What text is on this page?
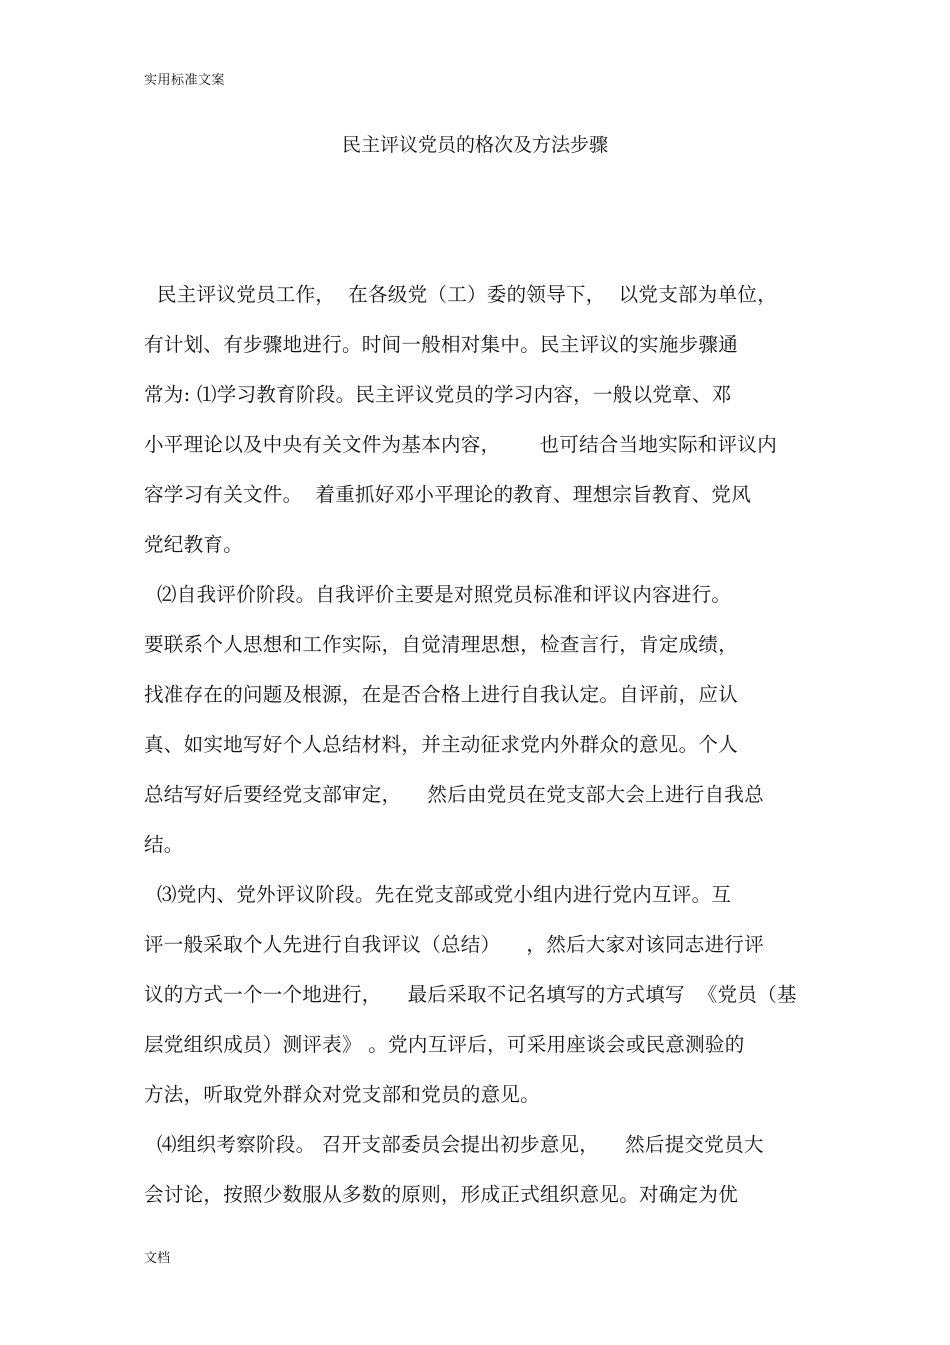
实用标准文案
民主评议党员的格次及方法步骤
民主评议党员工作，  在各级党（工）委的领导下，  以党支部为单位，
有计划、有步骤地进行。时间一般相对集中。民主评议的实施步骤通
常为: ⑴学习教育阶段。民主评议党员的学习内容，一般以党章、邓
小平理论以及中央有关文件为基本内容，      也可结合当地实际和评议内
容学习有关文件。  着重抓好邓小平理论的教育、理想宗旨教育、党风
党纪教育。
⑵自我评价阶段。自我评价主要是对照党员标准和评议内容进行。
要联系个人思想和工作实际，自觉清理思想，检查言行，肯定成绩，
找准存在的问题及根源，在是否合格上进行自我认定。自评前，应认
真、如实地写好个人总结材料，并主动征求党内外群众的意见。个人
总结写好后要经党支部审定，    然后由党员在党支部大会上进行自我总
结。
⑶党内、党外评议阶段。先在党支部或党小组内进行党内互评。互
评一般采取个人先进行自我评议（总结）    ，然后大家对该同志进行评
议的方式一个一个地进行，    最后采取不记名填写的方式填写  《党员（基
层党组织成员）测评表》 。党内互评后，可采用座谈会或民意测验的
方法，听取党外群众对党支部和党员的意见。
⑷组织考察阶段。 召开支部委员会提出初步意见，    然后提交党员大
会讨论，按照少数服从多数的原则，形成正式组织意见。对确定为优
文档
